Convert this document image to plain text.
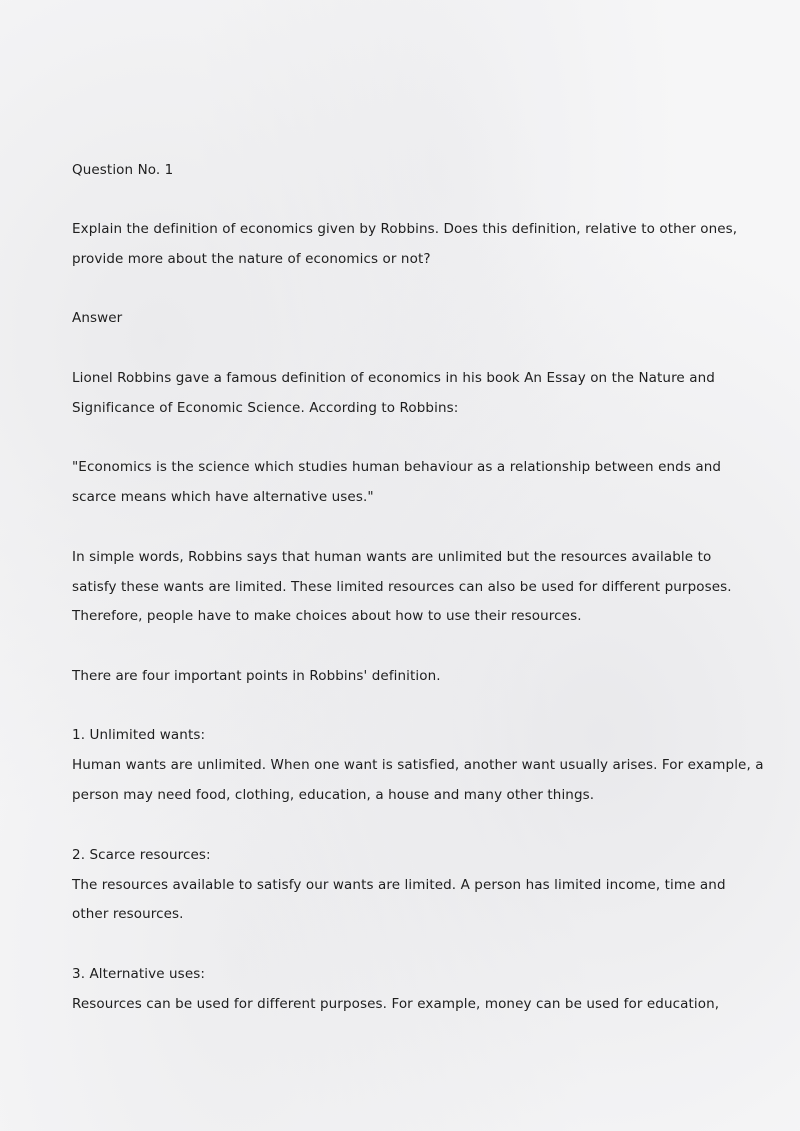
Question No. 1
Explain the definition of economics given by Robbins. Does this definition, relative to other ones,
provide more about the nature of economics or not?
Answer
Lionel Robbins gave a famous definition of economics in his book An Essay on the Nature and
Significance of Economic Science. According to Robbins:
"Economics is the science which studies human behaviour as a relationship between ends and
scarce means which have alternative uses."
In simple words, Robbins says that human wants are unlimited but the resources available to
satisfy these wants are limited. These limited resources can also be used for different purposes.
Therefore, people have to make choices about how to use their resources.
There are four important points in Robbins' definition.
1. Unlimited wants:
Human wants are unlimited. When one want is satisfied, another want usually arises. For example, a
person may need food, clothing, education, a house and many other things.
2. Scarce resources:
The resources available to satisfy our wants are limited. A person has limited income, time and
other resources.
3. Alternative uses:
Resources can be used for different purposes. For example, money can be used for education,
